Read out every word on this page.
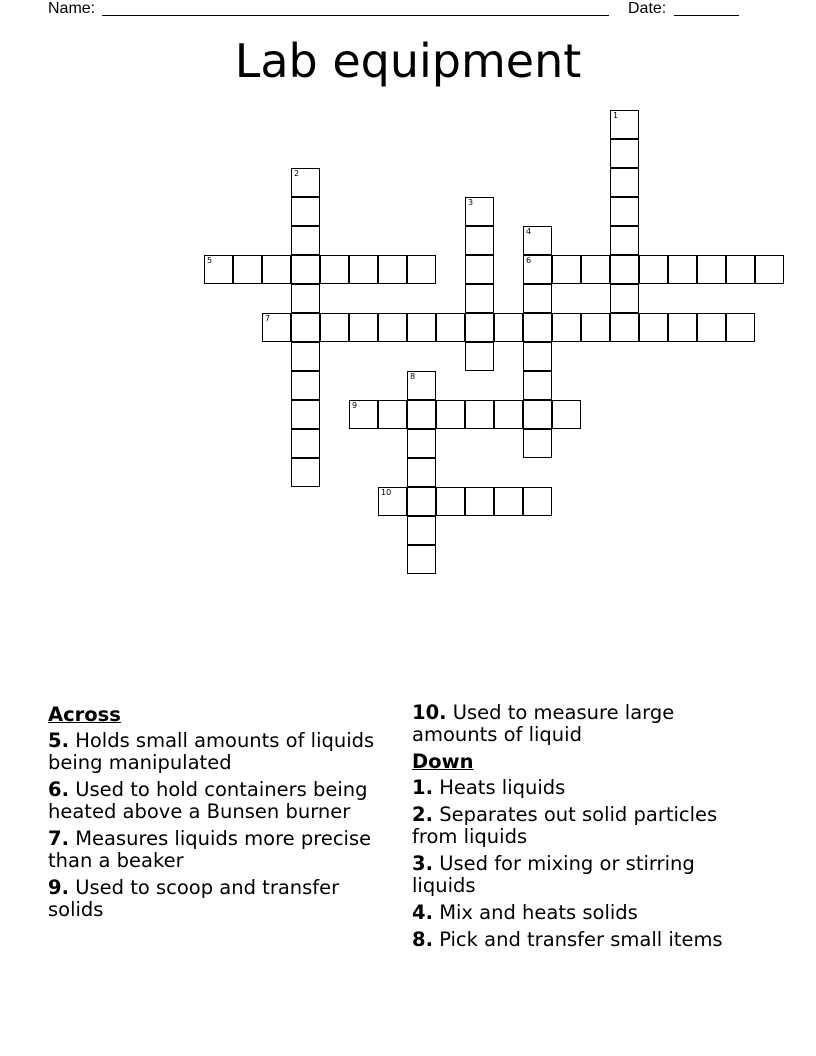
Name:	Date:
Lab equipment
1
2
3
4
6
5
7
8
9
10
Across
5. Holds small amounts of liquids being manipulated
6. Used to hold containers being heated above a Bunsen burner
7. Measures liquids more precise than a beaker
9. Used to scoop and transfer solids
10. Used to measure large amounts of liquid
Down
1. Heats liquids
2. Separates out solid particles from liquids
3. Used for mixing or stirring liquids
4. Mix and heats solids
8. Pick and transfer small items
